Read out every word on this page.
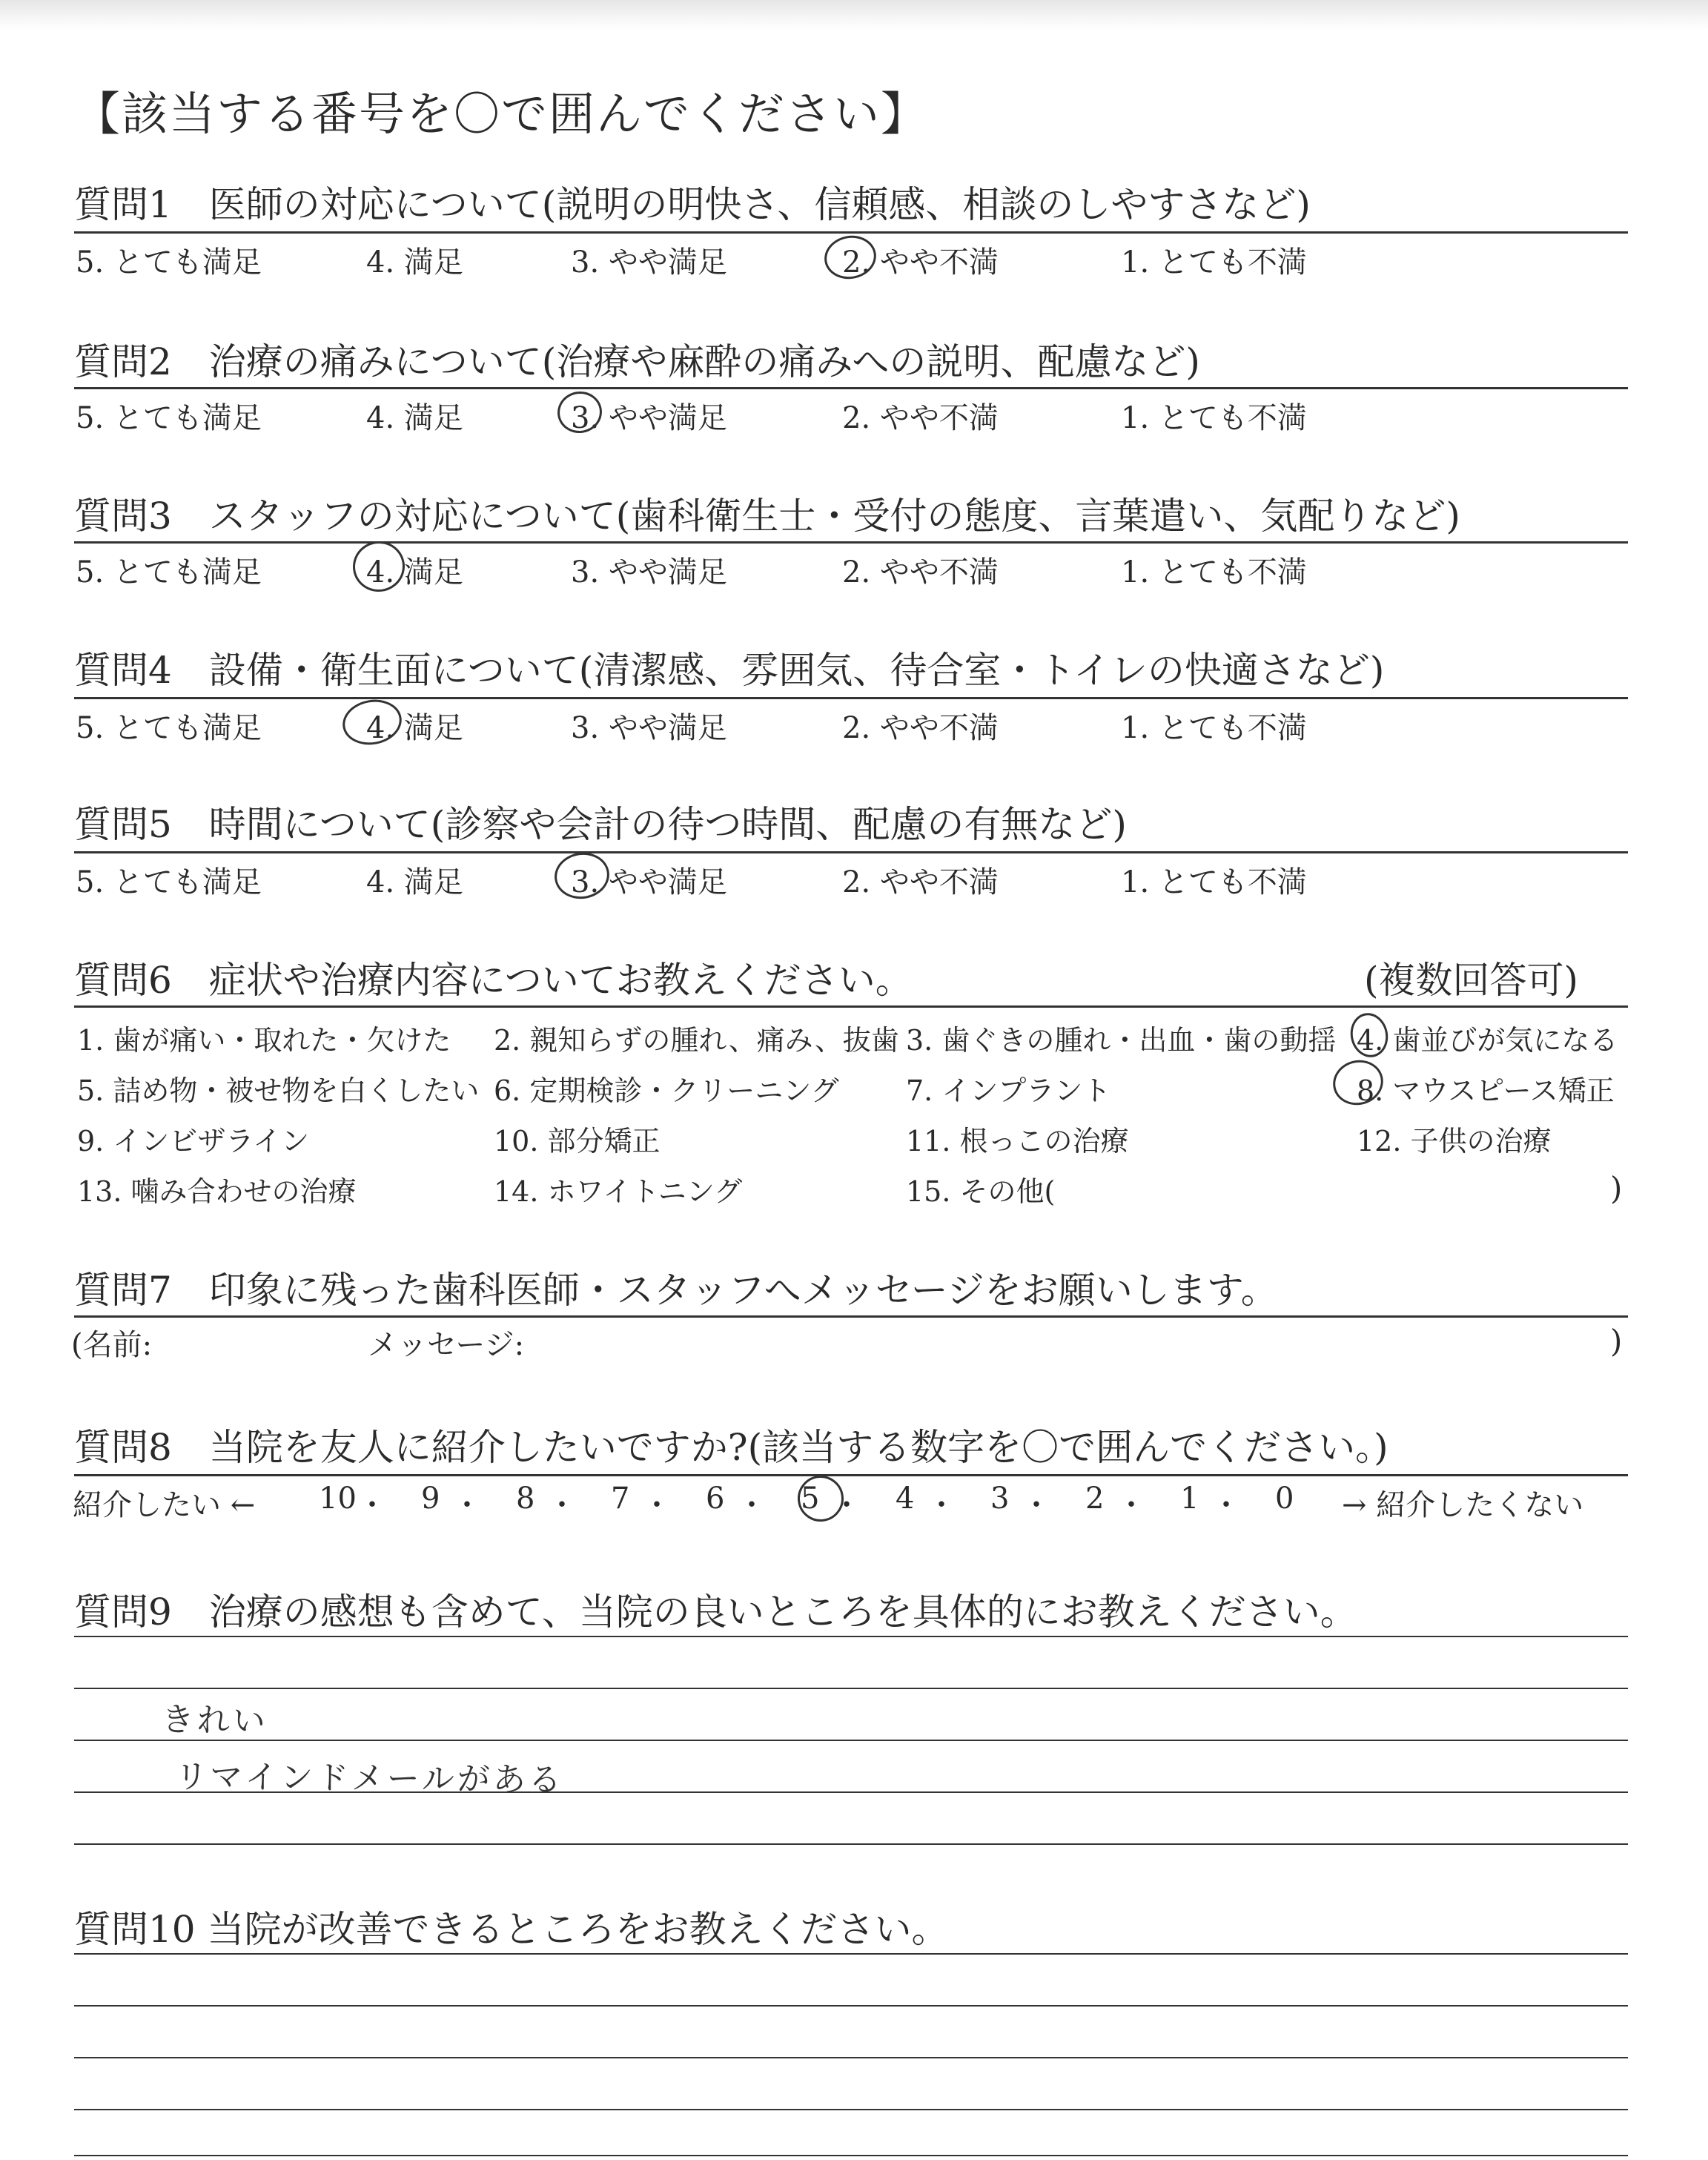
【該当する番号を〇で囲んでください】
質問1　医師の対応について(説明の明快さ、信頼感、相談のしやすさなど)
5. とても満足	4. 満足	3. やや満足	2. やや不満	1. とても不満
質問2　治療の痛みについて(治療や麻酔の痛みへの説明、配慮など)
5. とても満足	4. 満足	3. やや満足	2. やや不満	1. とても不満
質問3　スタッフの対応について(歯科衛生士・受付の態度、言葉遣い、気配りなど)
5. とても満足	4. 満足	3. やや満足	2. やや不満	1. とても不満
質問4　設備・衛生面について(清潔感、雰囲気、待合室・トイレの快適さなど)
5. とても満足	4. 満足	3. やや満足	2. やや不満	1. とても不満
質問5　時間について(診察や会計の待つ時間、配慮の有無など)
5. とても満足	4. 満足	3. やや満足	2. やや不満	1. とても不満
質問6　症状や治療内容についてお教えください。	(複数回答可)
1. 歯が痛い・取れた・欠けた 2. 親知らずの腫れ、痛み、抜歯 3. 歯ぐきの腫れ・出血・歯の動揺 4. 歯並びが気になる
5. 詰め物・被せ物を白くしたい 6. 定期検診・クリーニング 7. インプラント	8. マウスピース矯正
9. インビザライン	10. 部分矯正	11. 根っこの治療	12. 子供の治療
13. 噛み合わせの治療	14. ホワイトニング	15. その他(	)
質問7　印象に残った歯科医師・スタッフへメッセージをお願いします。
(名前:	メッセージ:	)
質問8　当院を友人に紹介したいですか?(該当する数字を〇で囲んでください。)
紹介したい ← 10 ・ 9 ・ 8 ・ 7 ・ 6 ・ 5 ・ 4 ・ 3 ・ 2 ・ 1 ・ 0 → 紹介したくない
質問9　治療の感想も含めて、当院の良いところを具体的にお教えください。
きれい
リマインドメールがある
質問10 当院が改善できるところをお教えください。
